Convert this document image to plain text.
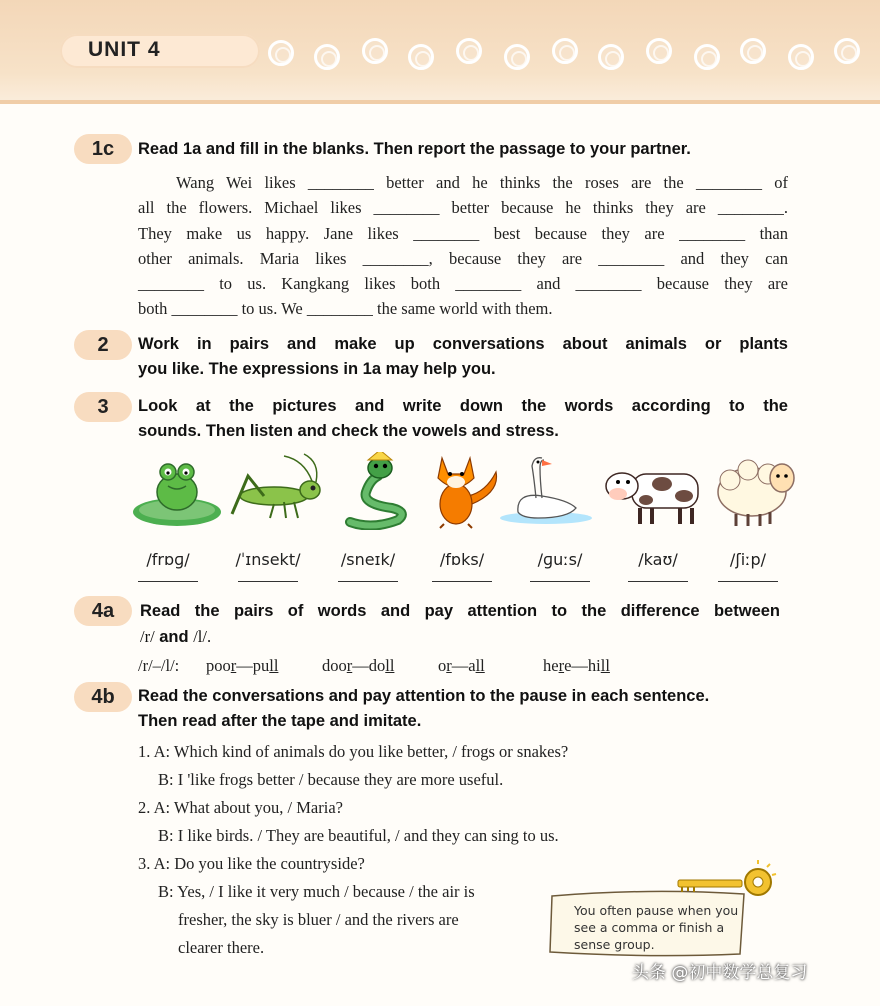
UNIT 4
1c	Read 1a and fill in the blanks. Then report the passage to your partner.
Wang Wei likes ________ better and he thinks the roses are the ________ of
all the flowers. Michael likes ________ better because he thinks they are ________.
They make us happy. Jane likes ________ best because they are ________ than
other animals. Maria likes ________, because they are ________ and they can
________ to us. Kangkang likes both ________ and ________ because they are
both ________ to us. We ________ the same world with them.
2	Work in pairs and make up conversations about animals or plants
you like. The expressions in 1a may help you.
3	Look at the pictures and write down the words according to the
sounds. Then listen and check the vowels and stress.
/frɒɡ/	/ˈɪnsekt/	/sneɪk/	/fɒks/	/ɡuːs/	/kaʊ/	/ʃiːp/
4a	Read the pairs of words and pay attention to the difference between
/r/ and /l/.
/r/–/l/: poor—pull	door—doll	or—all	here—hill
4b	Read the conversations and pay attention to the pause in each sentence.
Then read after the tape and imitate.
1. A: Which kind of animals do you like better, / frogs or snakes?
B: I 'like frogs better / because they are more useful.
2. A: What about you, / Maria?
B: I like birds. / They are beautiful, / and they can sing to us.
3. A: Do you like the countryside?
B: Yes, / I like it very much / because / the air is
fresher, the sky is bluer / and the rivers are
clearer there.
You often pause when you see a comma or finish a sense group.
头条 @初中数学总复习
